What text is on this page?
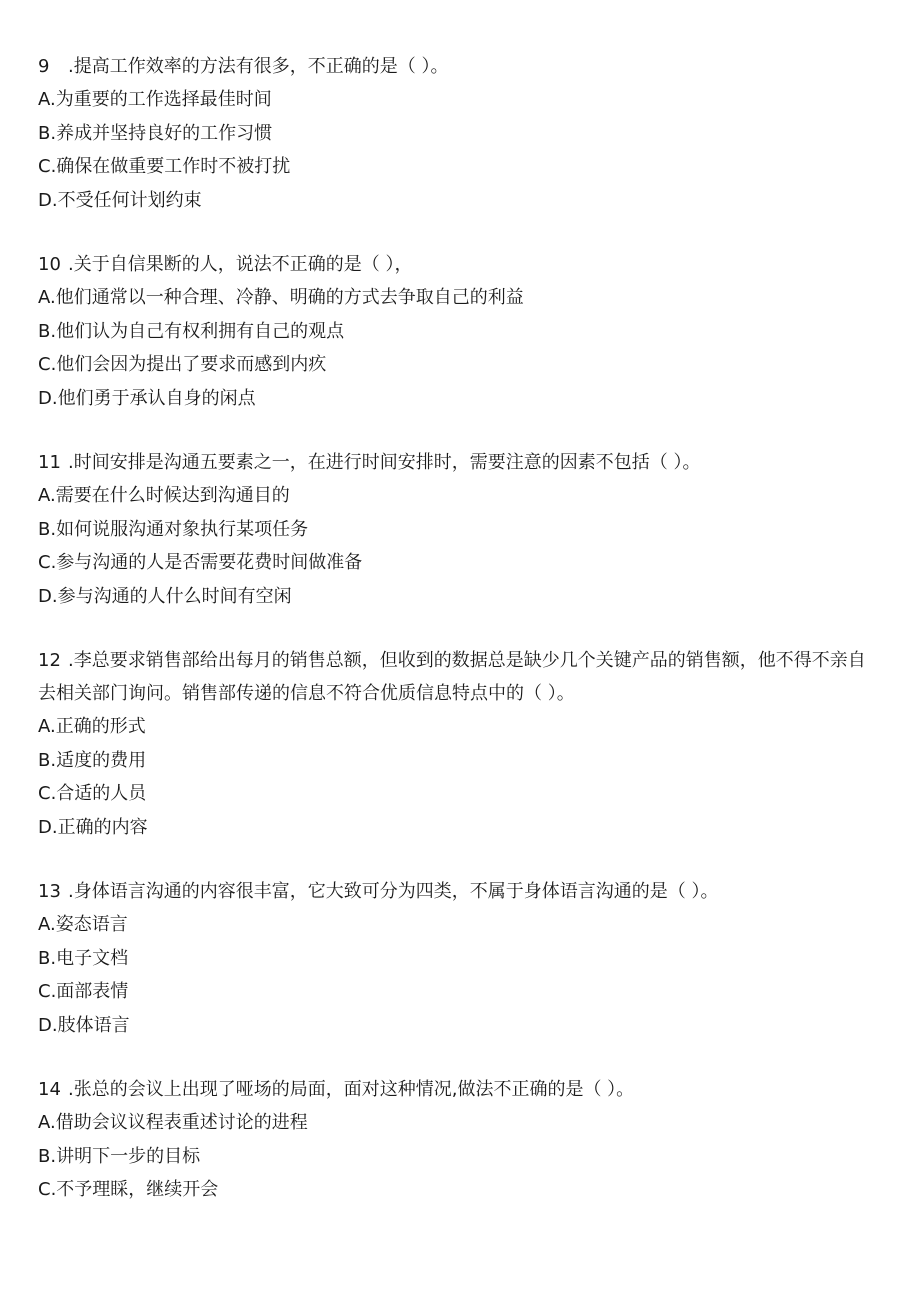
9 .提高工作效率的方法有很多，不正确的是（ ）。

A.为重要的工作选择最佳时间

B.养成并坚持良好的工作习惯

C.确保在做重要工作时不被打扰

D.不受任何计划约束

10 .关于自信果断的人，说法不正确的是（ ），

A.他们通常以一种合理、冷静、明确的方式去争取自己的利益

B.他们认为自己有权利拥有自己的观点

C.他们会因为提出了要求而感到内疚

D.他们勇于承认自身的闲点

11 .时间安排是沟通五要素之一，在进行时间安排时，需要注意的因素不包括（ ）。

A.需要在什么时候达到沟通目的

B.如何说服沟通对象执行某项任务

C.参与沟通的人是否需要花费时间做准备

D.参与沟通的人什么时间有空闲

12 .李总要求销售部给出每月的销售总额，但收到的数据总是缺少几个关键产品的销售额，他不得不亲自去相关部门询问。销售部传递的信息不符合优质信息特点中的（ ）。

A.正确的形式

B.适度的费用

C.合适的人员

D.正确的内容

13 .身体语言沟通的内容很丰富，它大致可分为四类，不属于身体语言沟通的是（ ）。

A.姿态语言

B.电子文档

C.面部表情

D.肢体语言

14 .张总的会议上出现了哑场的局面，面对这种情况,做法不正确的是（ ）。

A.借助会议议程表重述讨论的进程

B.讲明下一步的目标

C.不予理睬，继续开会
